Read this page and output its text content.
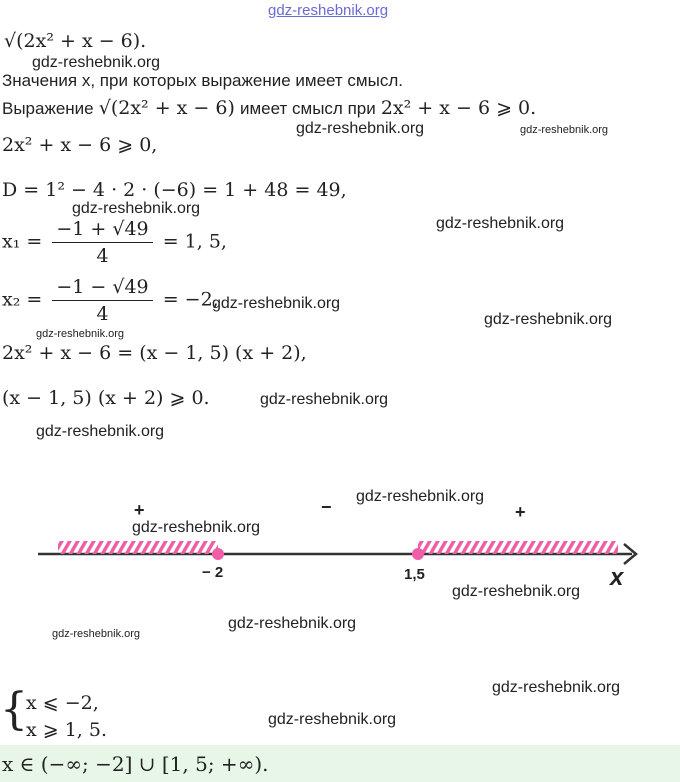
gdz-reshebnik.org
√(2x² + x − 6).
gdz-reshebnik.org
Значения x, при которых выражение имеет смысл.
Выражение √(2x² + x − 6) имеет смысл при 2x² + x − 6 ⩾ 0.
gdz-reshebnik.org	gdz-reshebnik.org
2x² + x − 6 ⩾ 0,
D = 1² − 4 · 2 · (−6) = 1 + 48 = 49,
gdz-reshebnik.org
gdz-reshebnik.org
$x_1 = \frac{-1 + √49}{4} = 1$, 5,
$x_2 = \frac{-1 - √49}{4} = -2$,
gdz-reshebnik.org
gdz-reshebnik.org
gdz-reshebnik.org
2x² + x − 6 = (x − 1, 5) (x + 2),
(x − 1, 5) (x + 2) ⩾ 0.	gdz-reshebnik.org
gdz-reshebnik.org
gdz-reshebnik.org
+	−	+
gdz-reshebnik.org
− 2	1,5	x
gdz-reshebnik.org
gdz-reshebnik.org
gdz-reshebnik.org
gdz-reshebnik.org
{
x ⩽ −2,
x ⩾ 1, 5.	gdz-reshebnik.org
x ∈ (−∞; −2] ∪ [1, 5; +∞).
